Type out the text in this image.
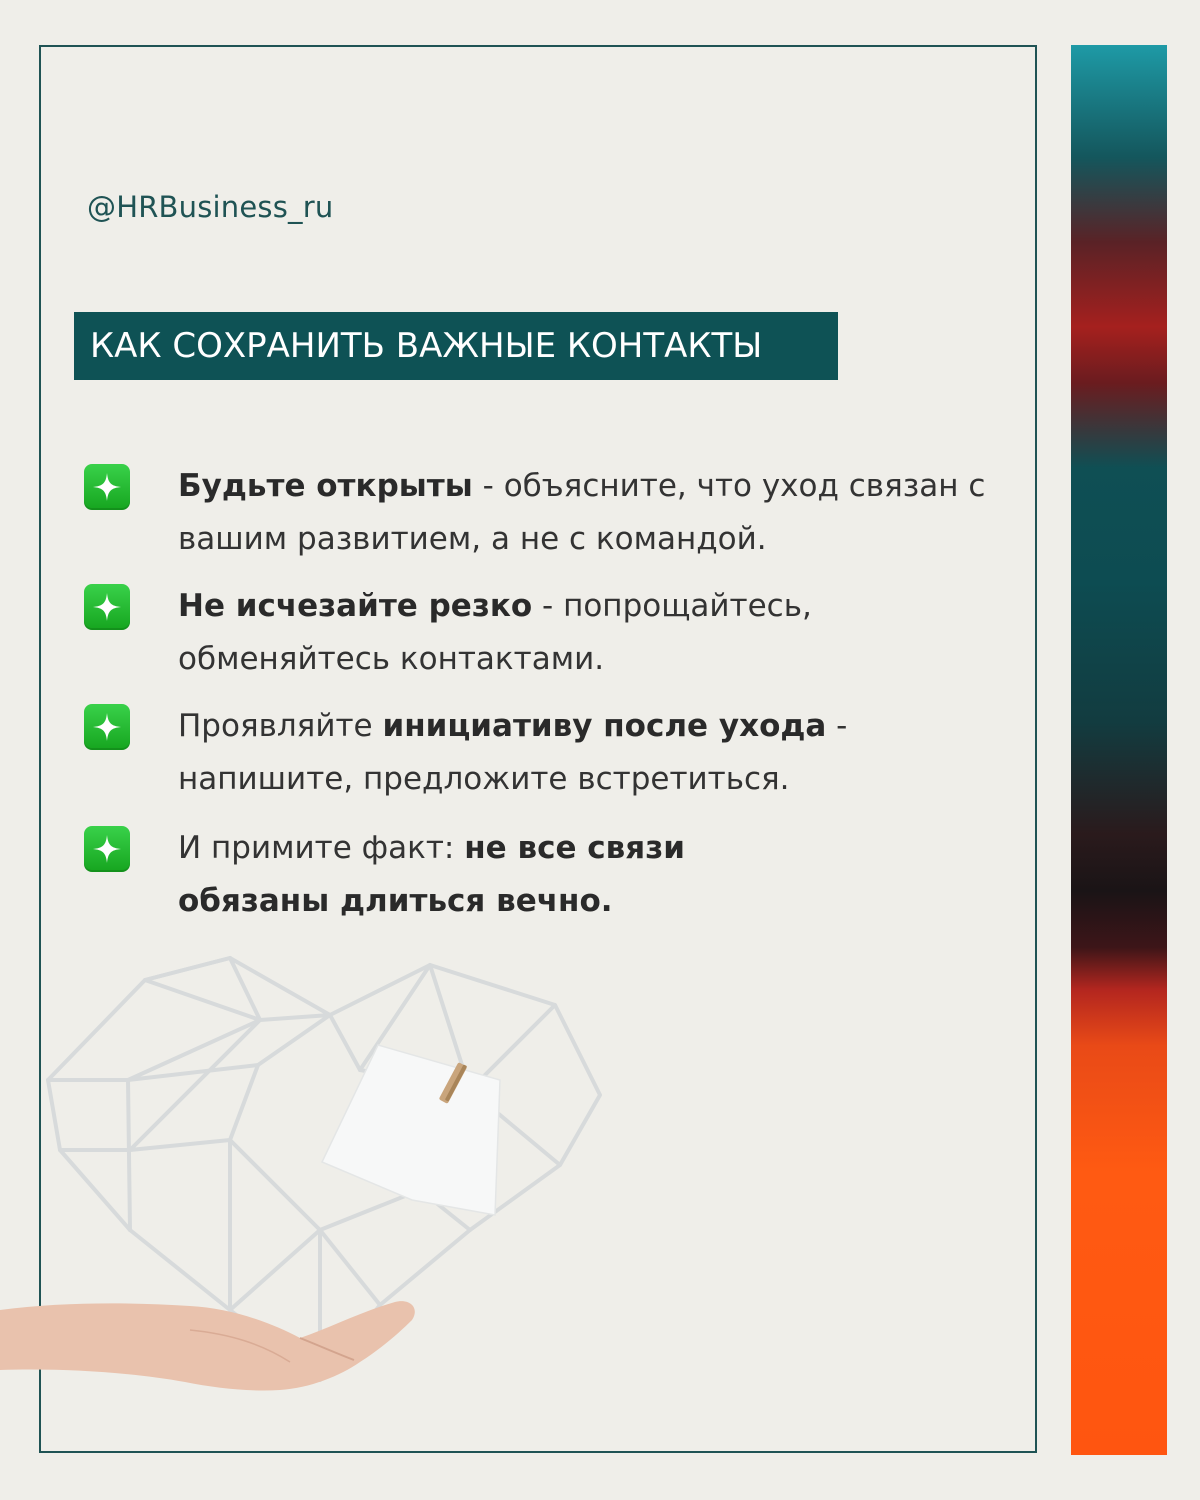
@HRBusiness_ru
КАК СОХРАНИТЬ ВАЖНЫЕ КОНТАКТЫ
Будьте открыты - объясните, что уход связан с вашим развитием, а не с командой.
Не исчезайте резко - попрощайтесь, обменяйтесь контактами.
Проявляйте инициативу после ухода - напишите, предложите встретиться.
И примите факт: не все связи обязаны длиться вечно.
